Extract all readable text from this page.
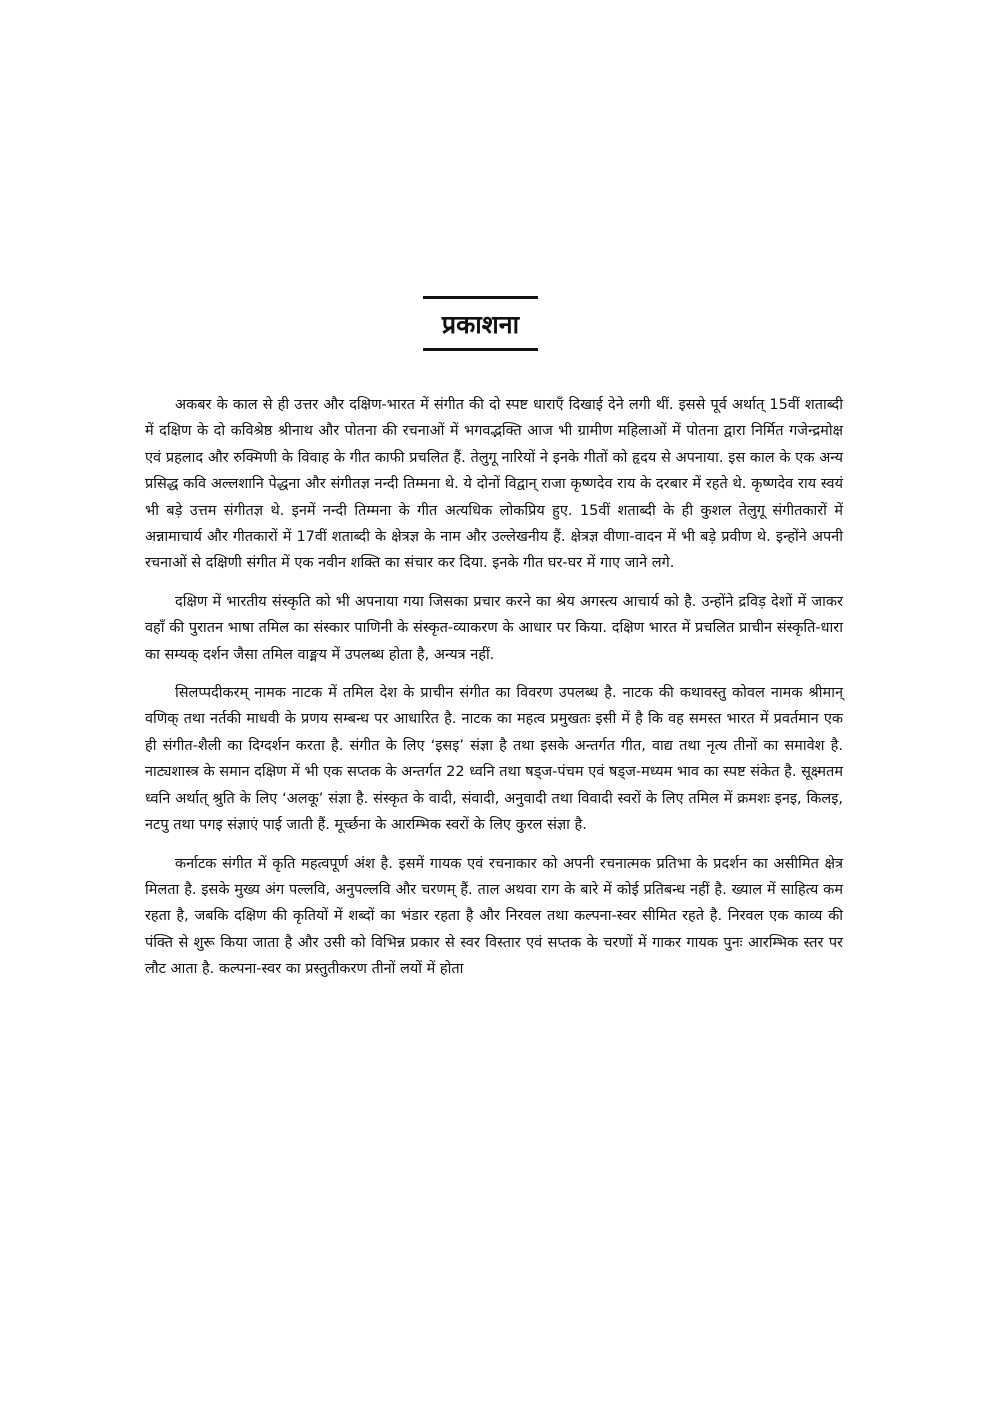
प्रकाशना

अकबर के काल से ही उत्तर और दक्षिण-भारत में संगीत की दो स्पष्ट धाराएँ दिखाई देने लगी थीं. इससे पूर्व अर्थात् 15वीं शताब्दी में दक्षिण के दो कविश्रेष्ठ श्रीनाथ और पोतना की रचनाओं में भगवद्भक्ति आज भी ग्रामीण महिलाओं में पोतना द्वारा निर्मित गजेन्द्रमोक्ष एवं प्रहलाद और रुक्मिणी के विवाह के गीत काफी प्रचलित हैं. तेलुगू नारियों ने इनके गीतों को हृदय से अपनाया. इस काल के एक अन्य प्रसिद्ध कवि अल्लशानि पेद्धना और संगीतज्ञ नन्दी तिम्मना थे. ये दोनों विद्वान् राजा कृष्णदेव राय के दरबार में रहते थे. कृष्णदेव राय स्वयं भी बड़े उत्तम संगीतज्ञ थे. इनमें नन्दी तिम्मना के गीत अत्यधिक लोकप्रिय हुए. 15वीं शताब्दी के ही कुशल तेलुगू संगीतकारों में अन्नामाचार्य और गीतकारों में 17वीं शताब्दी के क्षेत्रज्ञ के नाम और उल्लेखनीय हैं. क्षेत्रज्ञ वीणा-वादन में भी बड़े प्रवीण थे. इन्होंने अपनी रचनाओं से दक्षिणी संगीत में एक नवीन शक्ति का संचार कर दिया. इनके गीत घर-घर में गाए जाने लगे.

दक्षिण में भारतीय संस्कृति को भी अपनाया गया जिसका प्रचार करने का श्रेय अगस्त्य आचार्य को है. उन्होंने द्रविड़ देशों में जाकर वहाँ की पुरातन भाषा तमिल का संस्कार पाणिनी के संस्कृत-व्याकरण के आधार पर किया. दक्षिण भारत में प्रचलित प्राचीन संस्कृति-धारा का सम्यक् दर्शन जैसा तमिल वाङ्मय में उपलब्ध होता है, अन्यत्र नहीं.

सिलप्पदीकरम् नामक नाटक में तमिल देश के प्राचीन संगीत का विवरण उपलब्ध है. नाटक की कथावस्तु कोवल नामक श्रीमान् वणिक् तथा नर्तकी माधवी के प्रणय सम्बन्ध पर आधारित है. नाटक का महत्व प्रमुखतः इसी में है कि वह समस्त भारत में प्रवर्तमान एक ही संगीत-शैली का दिग्दर्शन करता है. संगीत के लिए ‘इसइ’ संज्ञा है तथा इसके अन्तर्गत गीत, वाद्य तथा नृत्य तीनों का समावेश है. नाट्यशास्त्र के समान दक्षिण में भी एक सप्तक के अन्तर्गत 22 ध्वनि तथा षड्ज-पंचम एवं षड्ज-मध्यम भाव का स्पष्ट संकेत है. सूक्ष्मतम ध्वनि अर्थात् श्रुति के लिए ‘अलकू’ संज्ञा है. संस्कृत के वादी, संवादी, अनुवादी तथा विवादी स्वरों के लिए तमिल में क्रमशः इनइ, किलइ, नटपु तथा पगइ संज्ञाएं पाई जाती हैं. मूर्च्छना के आरम्भिक स्वरों के लिए कुरल संज्ञा है.

कर्नाटक संगीत में कृति महत्वपूर्ण अंश है. इसमें गायक एवं रचनाकार को अपनी रचनात्मक प्रतिभा के प्रदर्शन का असीमित क्षेत्र मिलता है. इसके मुख्य अंग पल्लवि, अनुपल्लवि और चरणम् हैं. ताल अथवा राग के बारे में कोई प्रतिबन्ध नहीं है. ख्याल में साहित्य कम रहता है, जबकि दक्षिण की कृतियों में शब्दों का भंडार रहता है और निरवल तथा कल्पना-स्वर सीमित रहते है. निरवल एक काव्य की पंक्ति से शुरू किया जाता है और उसी को विभिन्न प्रकार से स्वर विस्तार एवं सप्तक के चरणों में गाकर गायक पुनः आरम्भिक स्तर पर लौट आता है. कल्पना-स्वर का प्रस्तुतीकरण तीनों लयों में होता
